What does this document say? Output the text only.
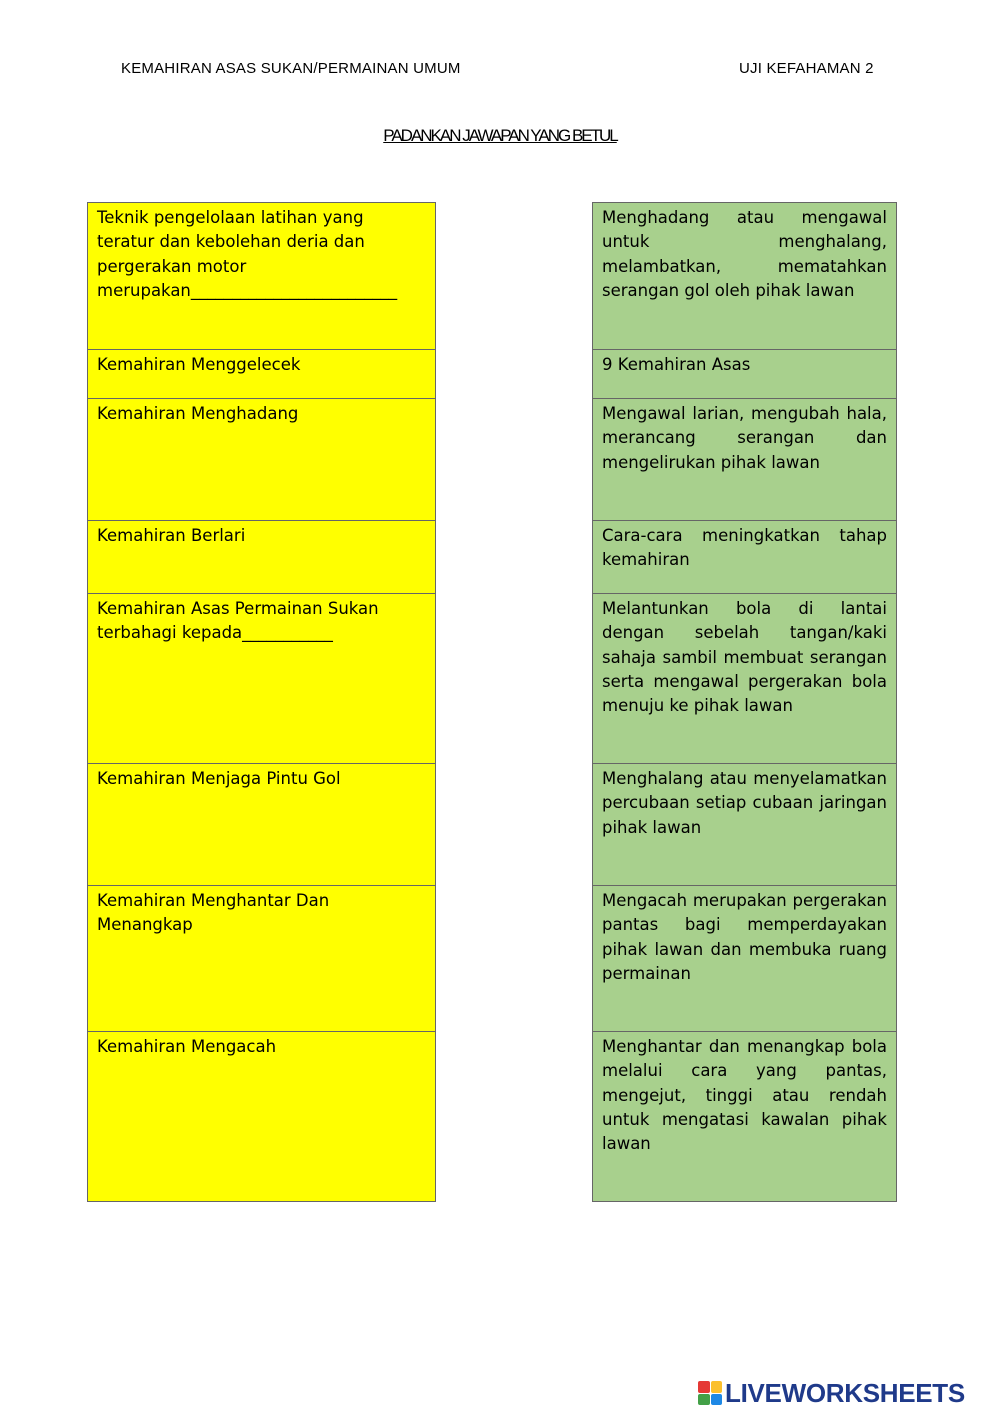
KEMAHIRAN ASAS SUKAN/PERMAINAN UMUM	UJI KEFAHAMAN 2
PADANKAN JAWAPAN YANG BETUL
Teknik pengelolaan latihan yang teratur dan kebolehan deria dan pergerakan motor merupakan_________________________
Kemahiran Menggelecek
Kemahiran Menghadang
Kemahiran Berlari
Kemahiran Asas Permainan Sukan terbahagi kepada___________
Kemahiran Menjaga Pintu Gol
Kemahiran Menghantar Dan Menangkap
Kemahiran Mengacah
Menghadang atau mengawal untuk menghalang, melambatkan, mematahkan serangan gol oleh pihak lawan
9 Kemahiran Asas
Mengawal larian, mengubah hala, merancang serangan dan mengelirukan pihak lawan
Cara-cara meningkatkan tahap kemahiran
Melantunkan bola di lantai dengan sebelah tangan/kaki sahaja sambil membuat serangan serta mengawal pergerakan bola menuju ke pihak lawan
Menghalang atau menyelamatkan percubaan setiap cubaan jaringan pihak lawan
Mengacah merupakan pergerakan pantas bagi memperdayakan pihak lawan dan membuka ruang permainan
Menghantar dan menangkap bola melalui cara yang pantas, mengejut, tinggi atau rendah untuk mengatasi kawalan pihak lawan
LIVEWORKSHEETS
